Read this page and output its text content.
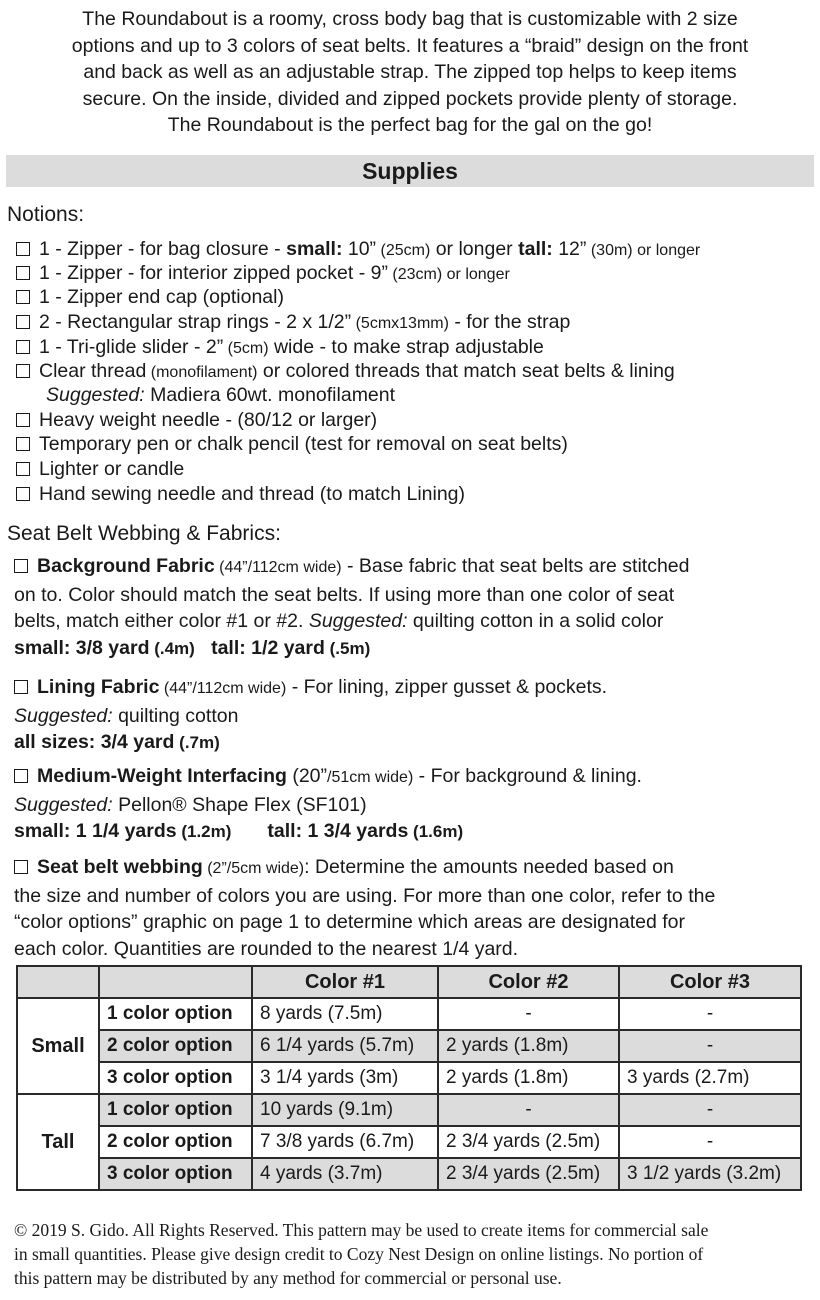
The Roundabout is a roomy, cross body bag that is customizable with 2 size
options and up to 3 colors of seat belts. It features a “braid” design on the front
and back as well as an adjustable strap. The zipped top helps to keep items
secure. On the inside, divided and zipped pockets provide plenty of storage.
The Roundabout is the perfect bag for the gal on the go!
Supplies
Notions:
1 - Zipper - for bag closure - small: 10” (25cm) or longer tall: 12” (30m) or longer
1 - Zipper - for interior zipped pocket - 9” (23cm) or longer
1 - Zipper end cap (optional)
2 - Rectangular strap rings - 2 x 1/2” (5cmx13mm) - for the strap
1 - Tri-glide slider - 2” (5cm) wide - to make strap adjustable
Clear thread (monofilament) or colored threads that match seat belts & lining
Suggested: Madiera 60wt. monofilament
Heavy weight needle - (80/12 or larger)
Temporary pen or chalk pencil (test for removal on seat belts)
Lighter or candle
Hand sewing needle and thread (to match Lining)
Seat Belt Webbing & Fabrics:
Background Fabric (44”/112cm wide) - Base fabric that seat belts are stitched
on to. Color should match the seat belts. If using more than one color of seat
belts, match either color #1 or #2. Suggested: quilting cotton in a solid color
small: 3/8 yard (.4m)   tall: 1/2 yard (.5m)
Lining Fabric (44”/112cm wide) - For lining, zipper gusset & pockets.
Suggested: quilting cotton
all sizes: 3/4 yard (.7m)
Medium-Weight Interfacing (20”/51cm wide) - For background & lining.
Suggested: Pellon® Shape Flex (SF101)
small: 1 1/4 yards (1.2m) tall: 1 3/4 yards (1.6m)
Seat belt webbing (2”/5cm wide): Determine the amounts needed based on
the size and number of colors you are using. For more than one color, refer to the
“color options” graphic on page 1 to determine which areas are designated for
each color. Quantities are rounded to the nearest 1/4 yard.
		Color #1	Color #2	Color #3
Small	1 color option	8 yards (7.5m)	-	-
	2 color option	6 1/4 yards (5.7m)	2 yards (1.8m)	-
	3 color option	3 1/4 yards (3m)	2 yards (1.8m)	3 yards (2.7m)
Tall	1 color option	10 yards (9.1m)	-	-
	2 color option	7 3/8 yards (6.7m)	2 3/4 yards (2.5m)	-
	3 color option	4 yards (3.7m)	2 3/4 yards (2.5m)	3 1/2 yards (3.2m)
© 2019 S. Gido. All Rights Reserved. This pattern may be used to create items for commercial sale
in small quantities. Please give design credit to Cozy Nest Design on online listings. No portion of
this pattern may be distributed by any method for commercial or personal use.
